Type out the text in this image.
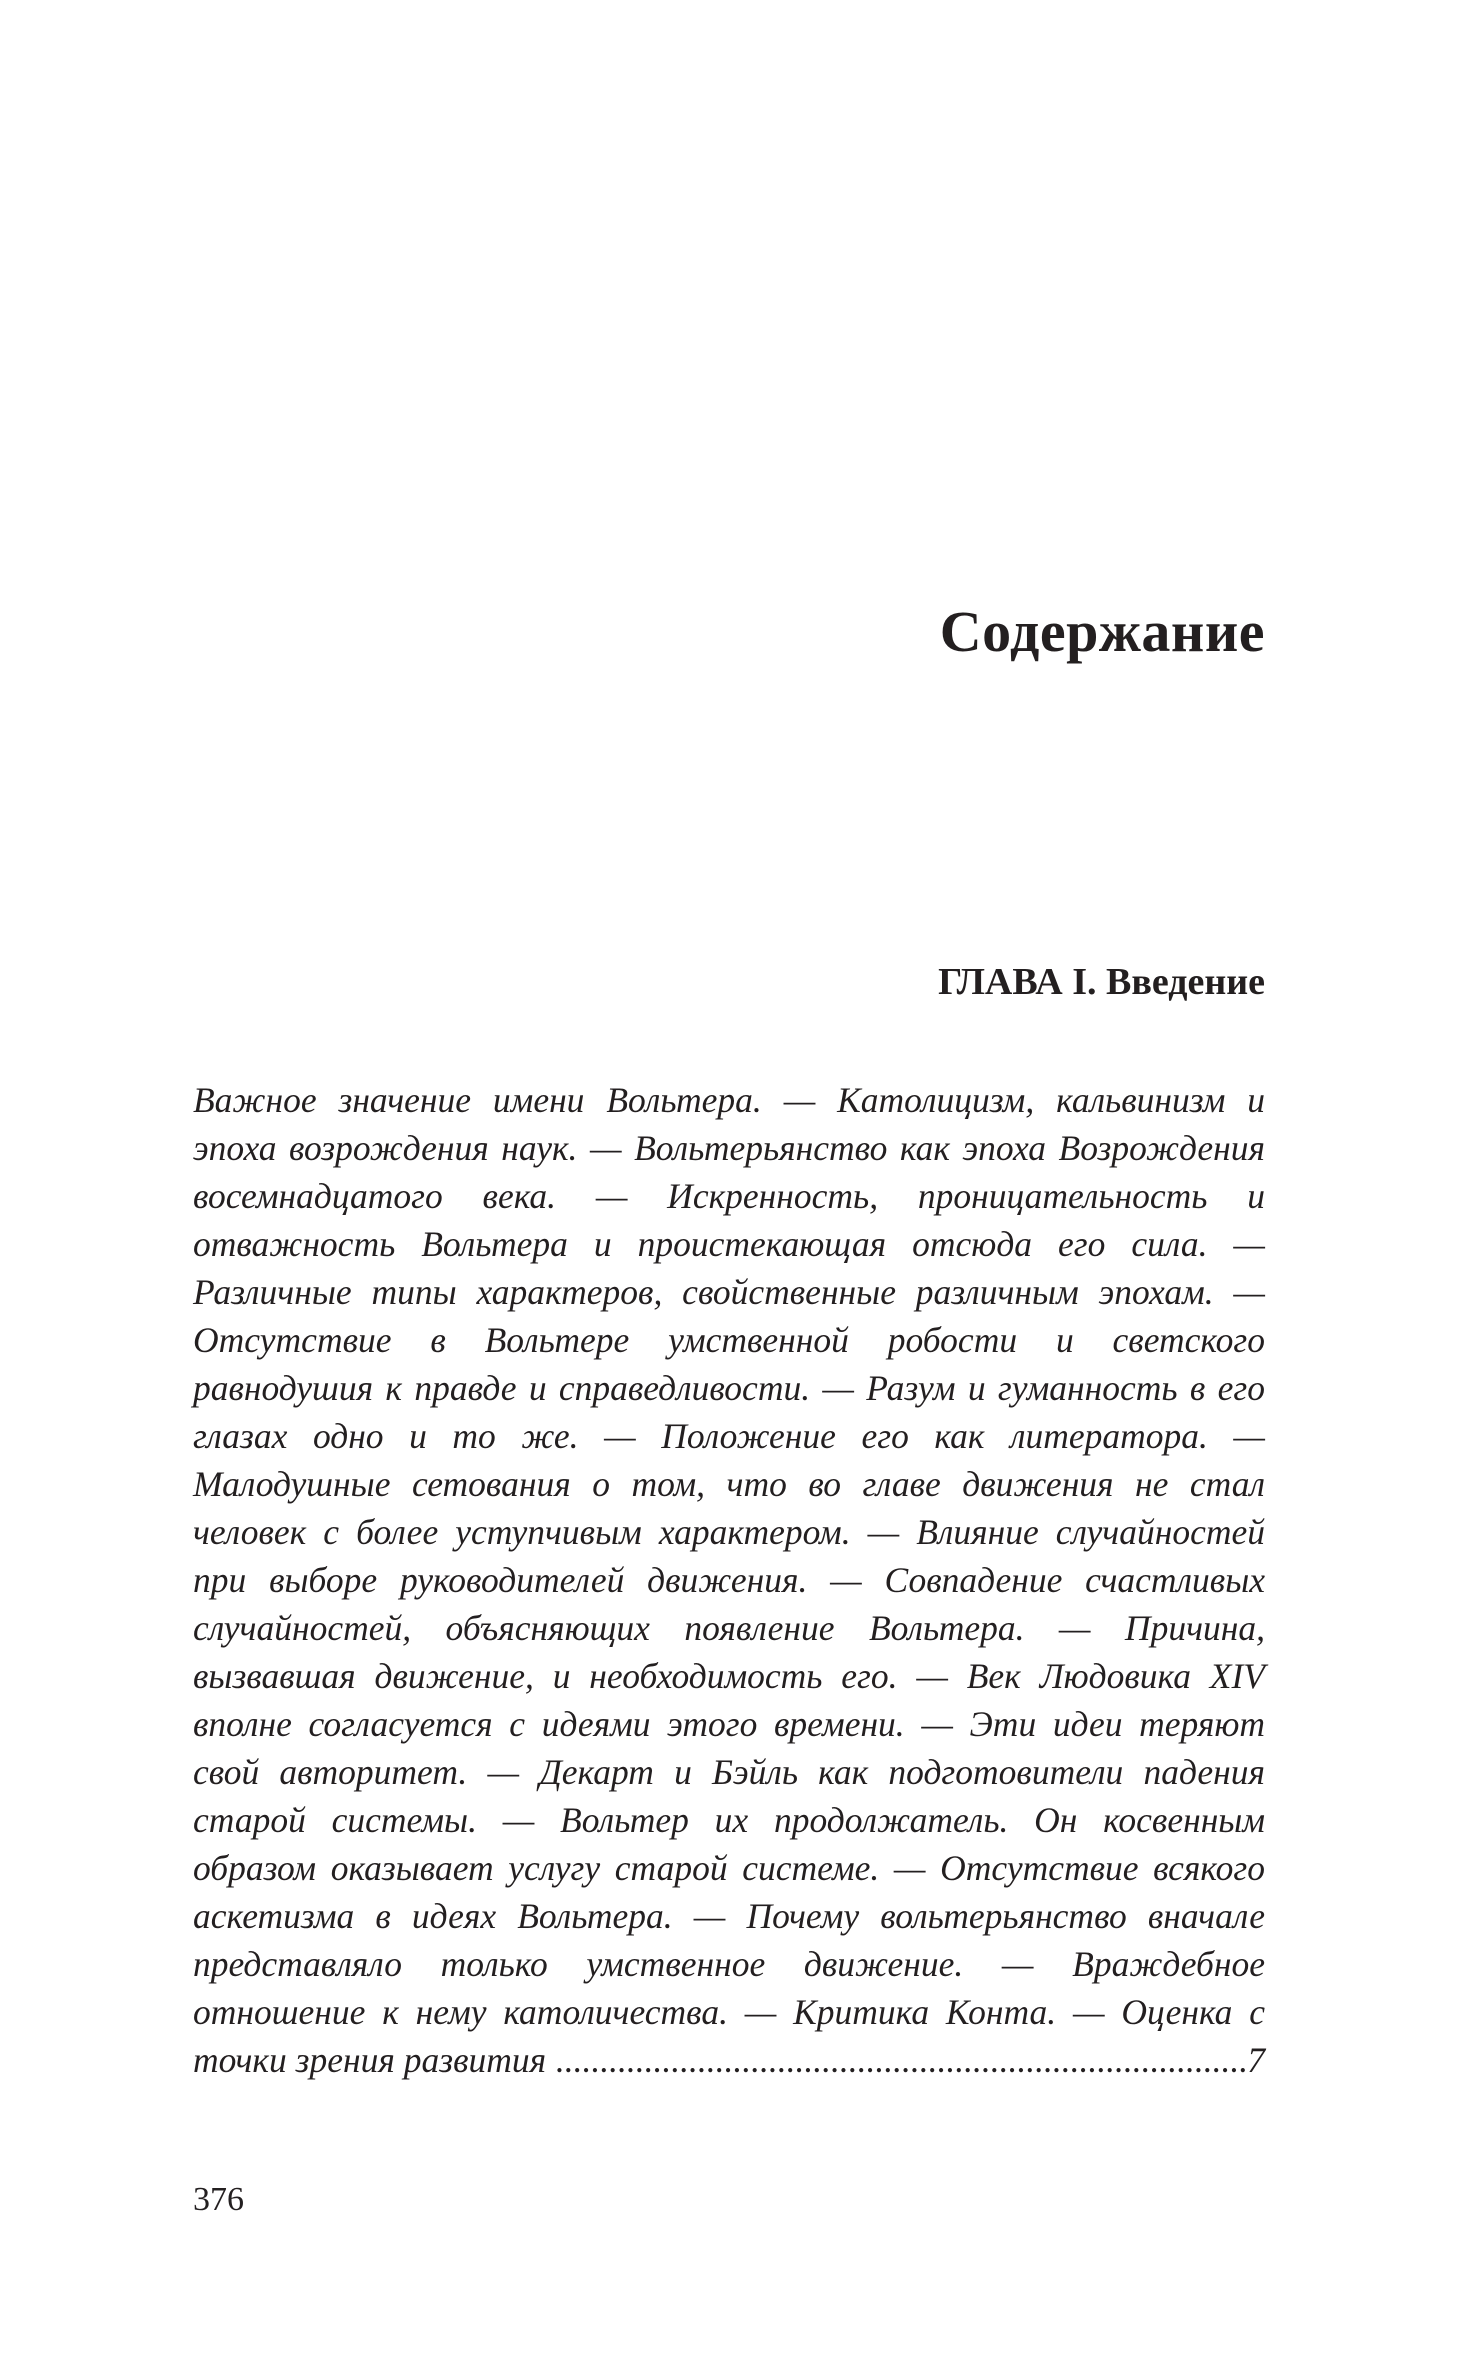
Содержание
ГЛАВА I. Введение

Важное значение имени Вольтера. — Католицизм, кальвинизм и эпоха возрождения наук. — Вольтерьянство как эпоха Возрождения восемнадцатого века. — Искренность, проницательность и отважность Вольтера и проистекающая отсюда его сила. — Различные типы характеров, свойственные различным эпохам. — Отсутствие в Вольтере умственной робости и светского равнодушия к правде и справедливости. — Разум и гуманность в его глазах одно и то же. — Положение его как литератора. — Малодушные сетования о том, что во главе движения не стал человек с более уступчивым характером. — Влияние случайностей при выборе руководителей движения. — Совпадение счастливых случайностей, объясняющих появление Вольтера. — Причина, вызвавшая движение, и необходимость его. — Век Людовика XIV вполне согласуется с идеями этого времени. — Эти идеи теряют свой авторитет. — Декарт и Бэйль как подготовители падения старой системы. — Вольтер их продолжатель. Он косвенным образом оказывает услугу старой системе. — Отсутствие всякого аскетизма в идеях Вольтера. — Почему вольтерьянство вначале представляло только умственное движение. — Враждебное отношение к нему католичества. — Критика Конта. — Оценка с точки зрения развития ..............................................................................7

376
